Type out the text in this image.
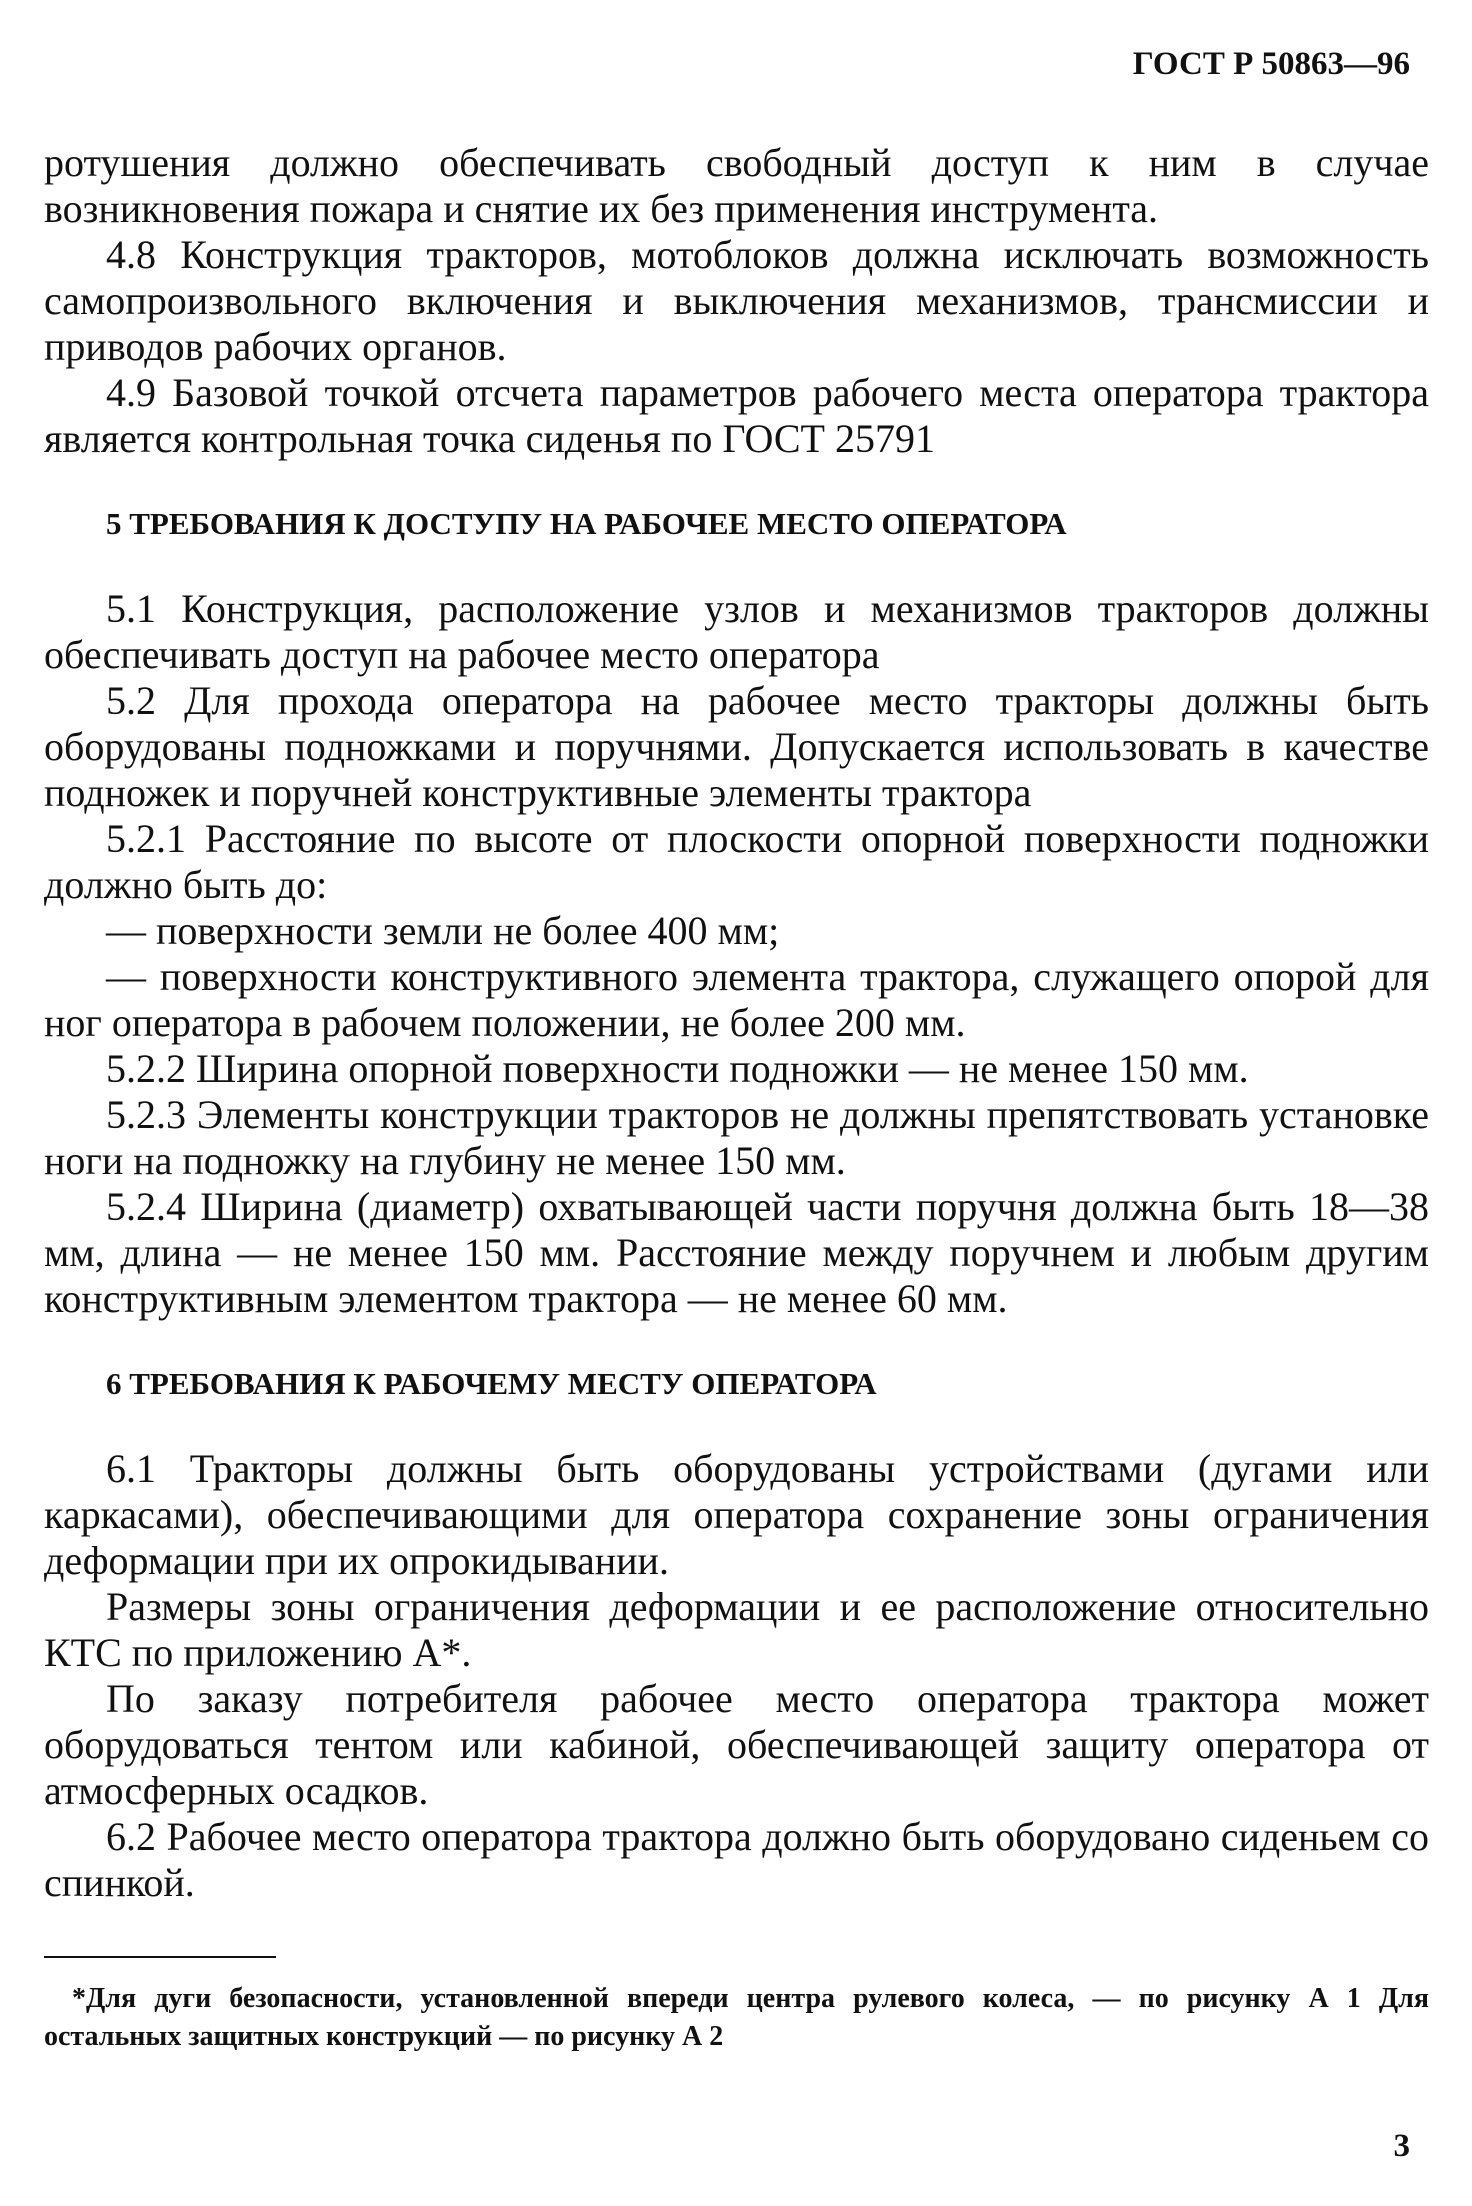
ГОСТ Р 50863—96

ротушения должно обеспечивать свободный доступ к ним в случае возникновения пожара и снятие их без применения инструмента.

4.8 Конструкция тракторов, мотоблоков должна исключать возможность самопроизвольного включения и выключения механизмов, трансмиссии и приводов рабочих органов.

4.9 Базовой точкой отсчета параметров рабочего места оператора трактора является контрольная точка сиденья по ГОСТ 25791

5 ТРЕБОВАНИЯ К ДОСТУПУ НА РАБОЧЕЕ МЕСТО ОПЕРАТОРА

5.1 Конструкция, расположение узлов и механизмов тракторов должны обеспечивать доступ на рабочее место оператора

5.2 Для прохода оператора на рабочее место тракторы должны быть оборудованы подножками и поручнями. Допускается использовать в качестве подножек и поручней конструктивные элементы трактора

5.2.1 Расстояние по высоте от плоскости опорной поверхности подножки должно быть до:

— поверхности земли не более 400 мм;

— поверхности конструктивного элемента трактора, служащего опорой для ног оператора в рабочем положении, не более 200 мм.

5.2.2 Ширина опорной поверхности подножки — не менее 150 мм.

5.2.3 Элементы конструкции тракторов не должны препятствовать установке ноги на подножку на глубину не менее 150 мм.

5.2.4 Ширина (диаметр) охватывающей части поручня должна быть 18—38 мм, длина — не менее 150 мм. Расстояние между поручнем и любым другим конструктивным элементом трактора — не менее 60 мм.

6 ТРЕБОВАНИЯ К РАБОЧЕМУ МЕСТУ ОПЕРАТОРА

6.1 Тракторы должны быть оборудованы устройствами (дугами или каркасами), обеспечивающими для оператора сохранение зоны ограничения деформации при их опрокидывании.

Размеры зоны ограничения деформации и ее расположение относительно КТС по приложению А*.

По заказу потребителя рабочее место оператора трактора может оборудоваться тентом или кабиной, обеспечивающей защиту оператора от атмосферных осадков.

6.2 Рабочее место оператора трактора должно быть оборудовано сиденьем со спинкой.

*Для дуги безопасности, установленной впереди центра рулевого колеса, — по рисунку А 1 Для остальных защитных конструкций — по рисунку А 2

3
